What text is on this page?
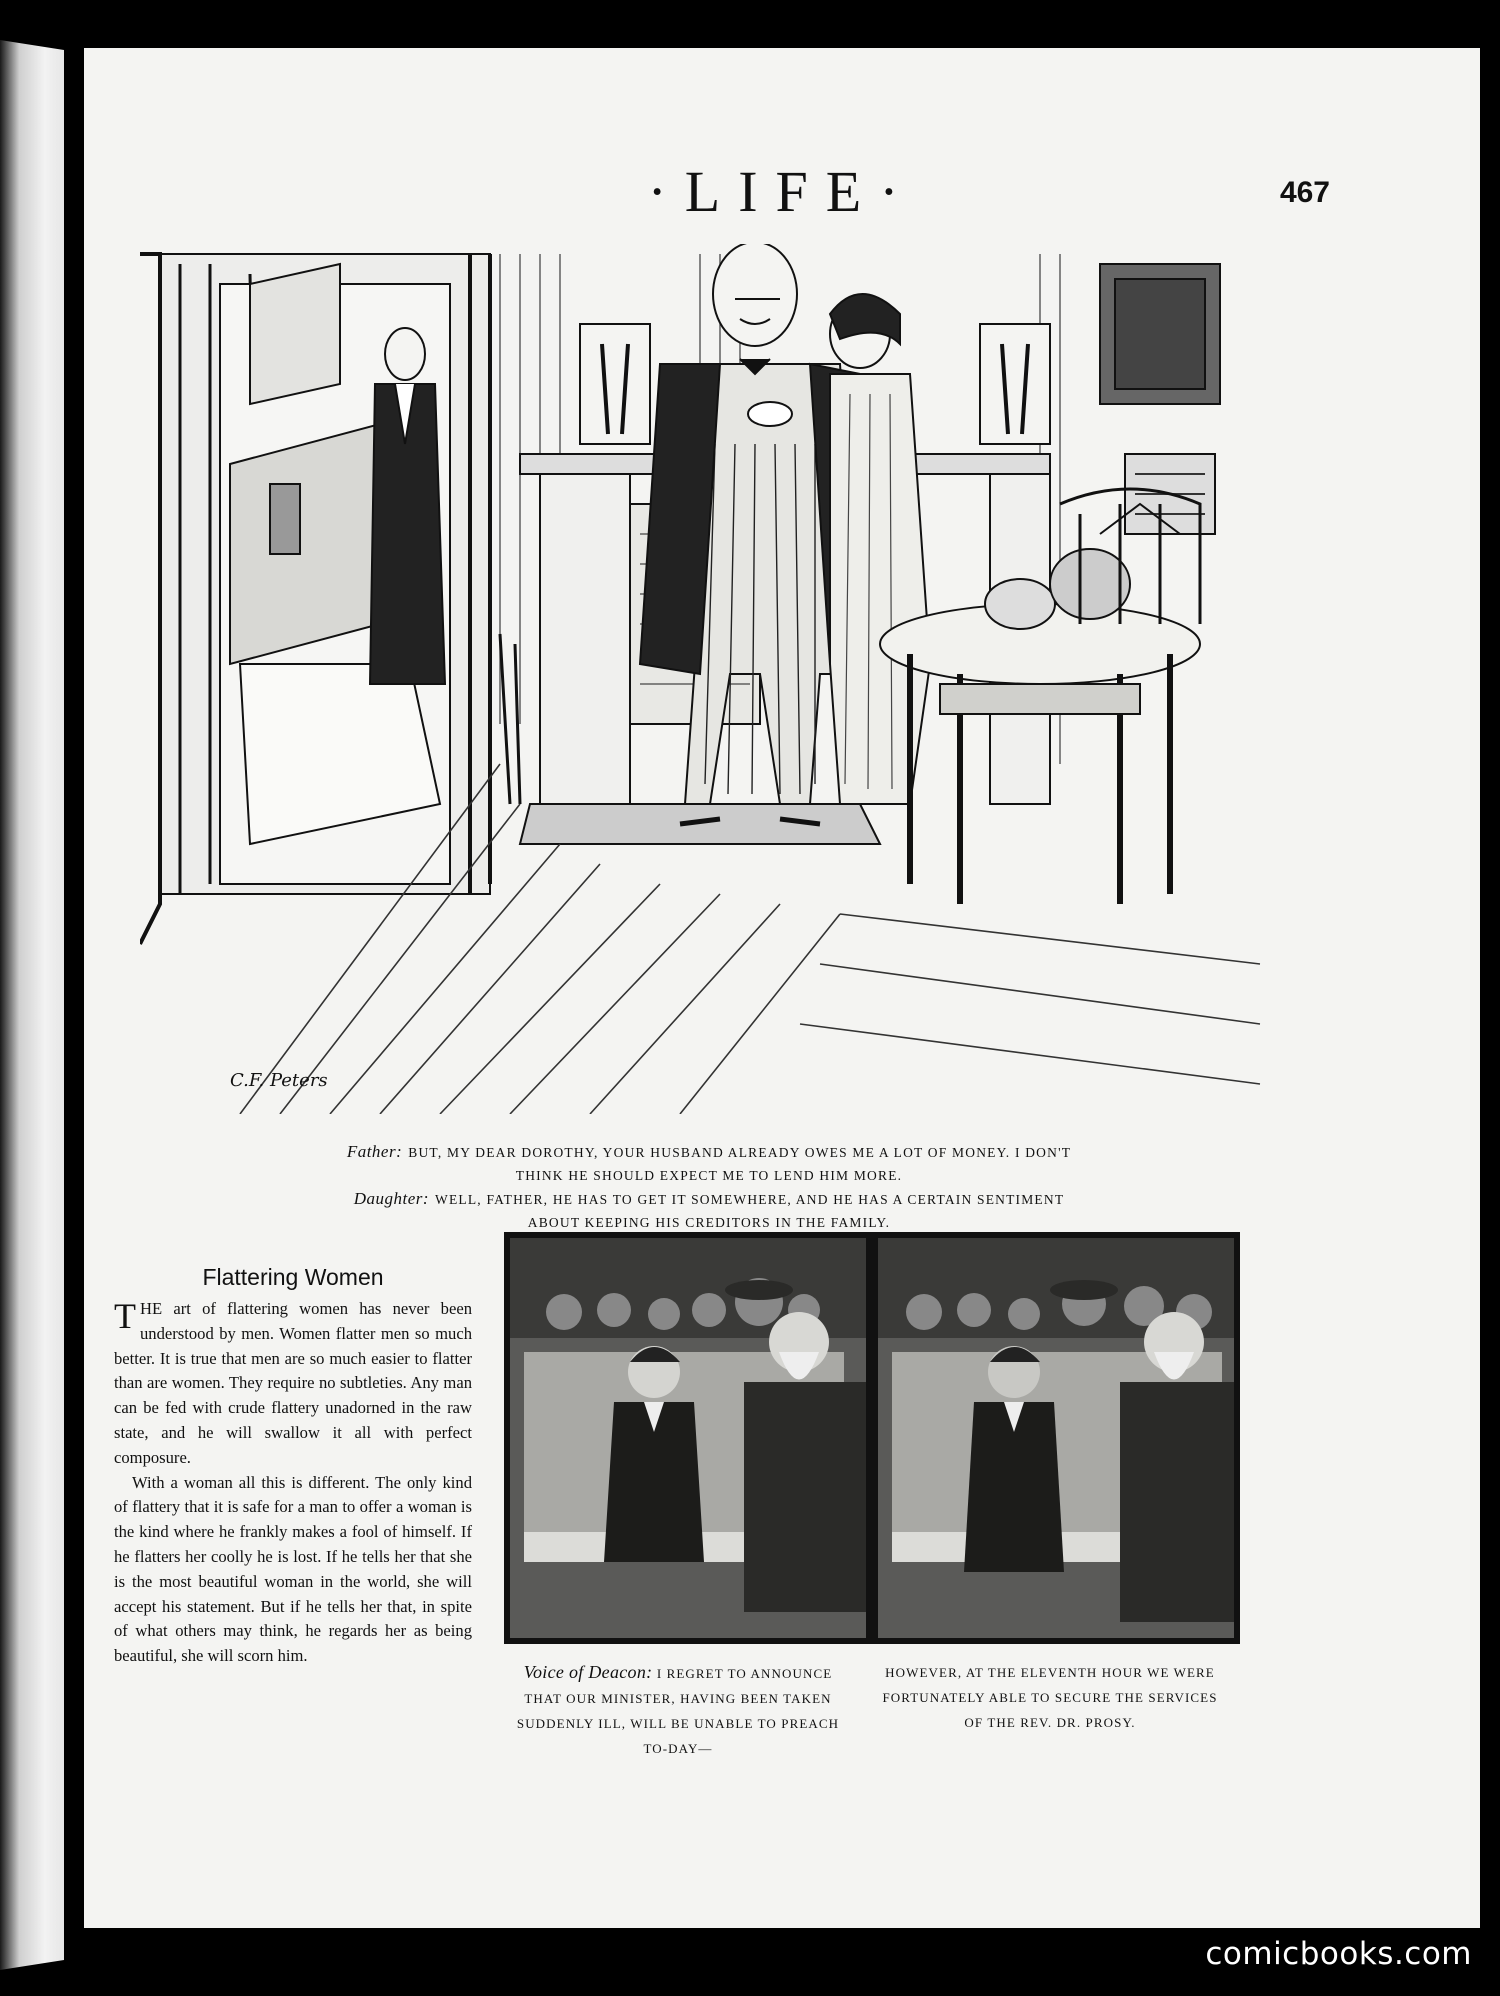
·LIFE·	467
C.F. Peters
Father: BUT, MY DEAR DOROTHY, YOUR HUSBAND ALREADY OWES ME A LOT OF MONEY. I DON'T
THINK HE SHOULD EXPECT ME TO LEND HIM MORE.
Daughter: WELL, FATHER, HE HAS TO GET IT SOMEWHERE, AND HE HAS A CERTAIN SENTIMENT
ABOUT KEEPING HIS CREDITORS IN THE FAMILY.
Flattering Women

THE art of flattering women has never been understood by men. Women flatter men so much better. It is true that men are so much easier to flatter than are women. They require no subtleties. Any man can be fed with crude flattery unadorned in the raw state, and he will swallow it all with perfect composure.

With a woman all this is different. The only kind of flattery that it is safe for a man to offer a woman is the kind where he frankly makes a fool of himself. If he flatters her coolly he is lost. If he tells her that she is the most beautiful woman in the world, she will accept his statement. But if he tells her that, in spite of what others may think, he regards her as being beautiful, she will scorn him.

Voice of Deacon: I REGRET TO ANNOUNCE THAT OUR MINISTER, HAVING BEEN TAKEN SUDDENLY ILL, WILL BE UNABLE TO PREACH TO-DAY—
HOWEVER, AT THE ELEVENTH HOUR WE WERE FORTUNATELY ABLE TO SECURE THE SERVICES OF THE REV. DR. PROSY.
comicbooks.com
